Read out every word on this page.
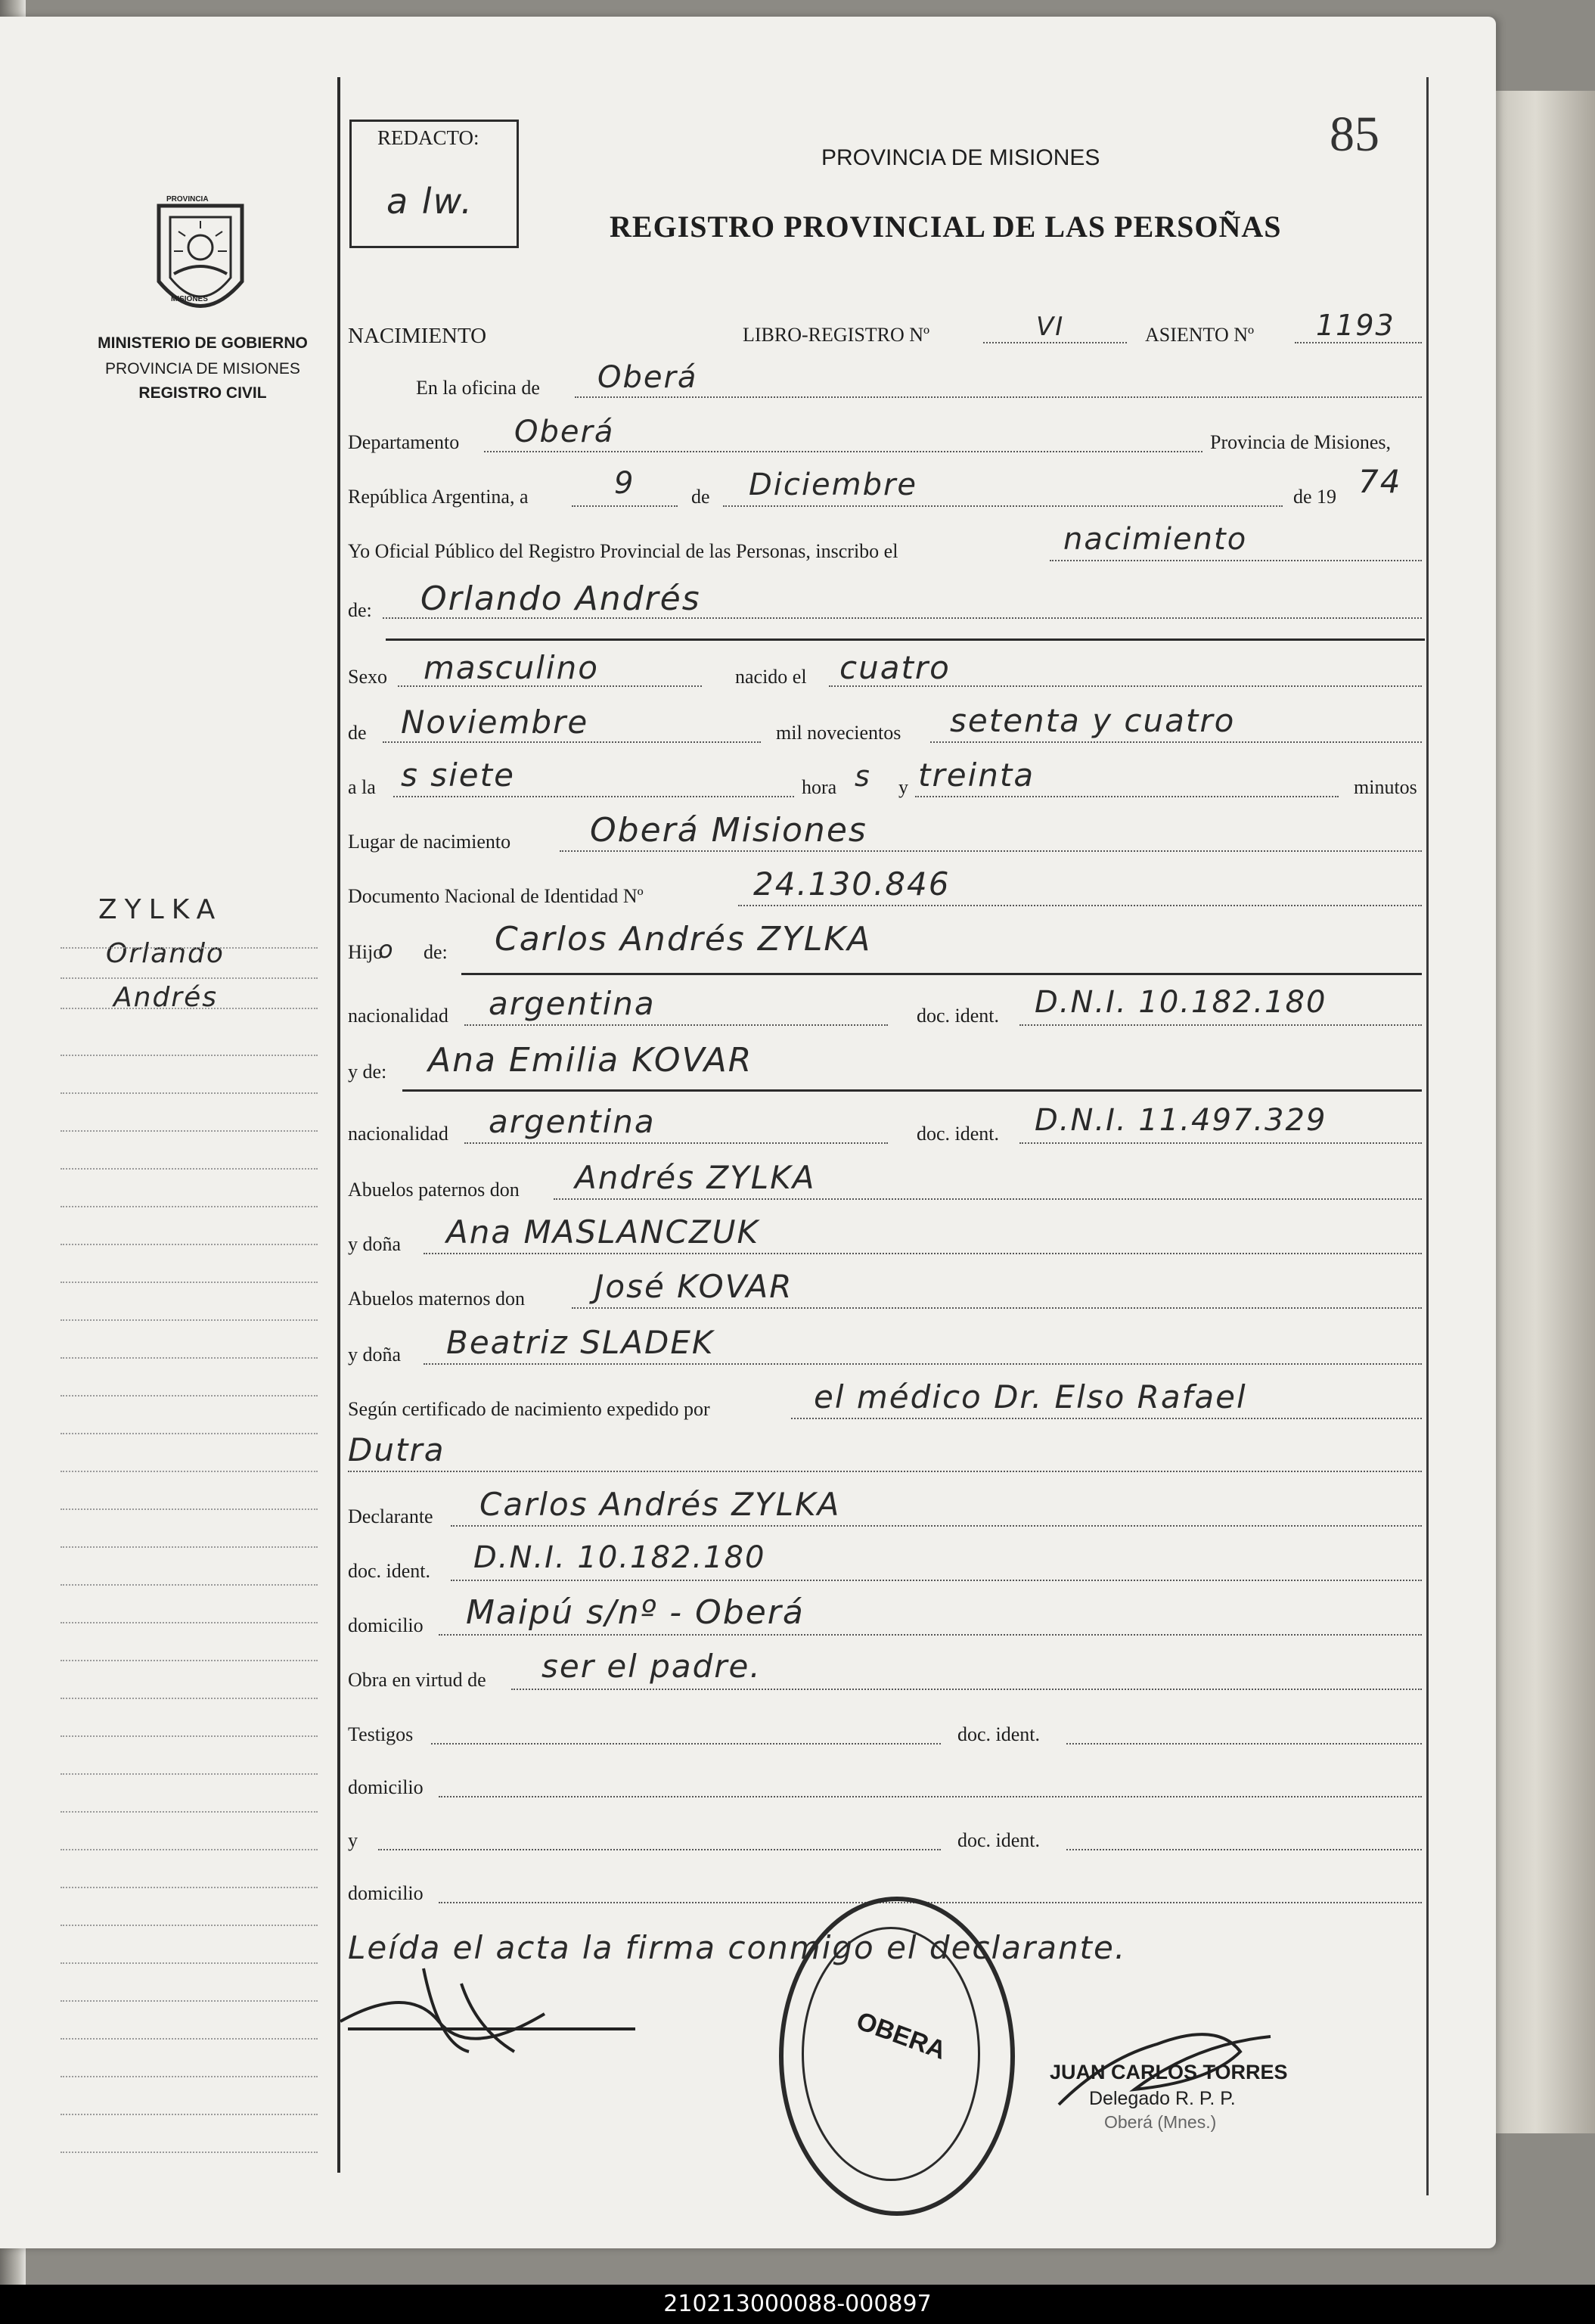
PROVINCIA
MISIONES
MINISTERIO DE GOBIERNO
PROVINCIA DE MISIONES
REGISTRO CIVIL
ZYLKA
Orlando
Andrés
REDACTO:
a lw.
85
PROVINCIA DE MISIONES
REGISTRO PROVINCIAL DE LAS PERSOÑAS
NACIMIENTO	LIBRO-REGISTRO Nº	VI	ASIENTO Nº 1193
En la oficina de Oberá
Departamento Oberá	Provincia de Misiones,
República Argentina, a	9	de Diciembre	de 19 74
Yo Oficial Público del Registro Provincial de las Personas, inscribo el	nacimiento
de: Orlando Andrés
Sexo masculino	nacido el cuatro
de Noviembre	mil novecientos setenta y cuatro
a la s siete	hora s y treinta	minutos
Lugar de nacimiento Oberá Misiones
Documento Nacional de Identidad Nº	24.130.846
Hijo
o de: Carlos Andrés ZYLKA
nacionalidad argentina	doc. ident. D.N.I. 10.182.180
y de: Ana Emilia KOVAR
nacionalidad argentina	doc. ident. D.N.I. 11.497.329
Abuelos paternos don Andrés ZYLKA
y doña Ana MASLANCZUK
Abuelos maternos don José KOVAR
y doña Beatriz SLADEK
Según certificado de nacimiento expedido por	el médico Dr. Elso Rafael
Dutra
Declarante Carlos Andrés ZYLKA
doc. ident. D.N.I. 10.182.180
domicilio Maipú s/nº - Oberá
Obra en virtud de ser el padre.
Testigos	doc. ident.
domicilio
y	doc. ident.
domicilio
Leída el acta la firma conmigo el declarante.
OBERA
JUAN CARLOS TORRES
Delegado R. P. P.
Oberá (Mnes.)
210213000088-000897
